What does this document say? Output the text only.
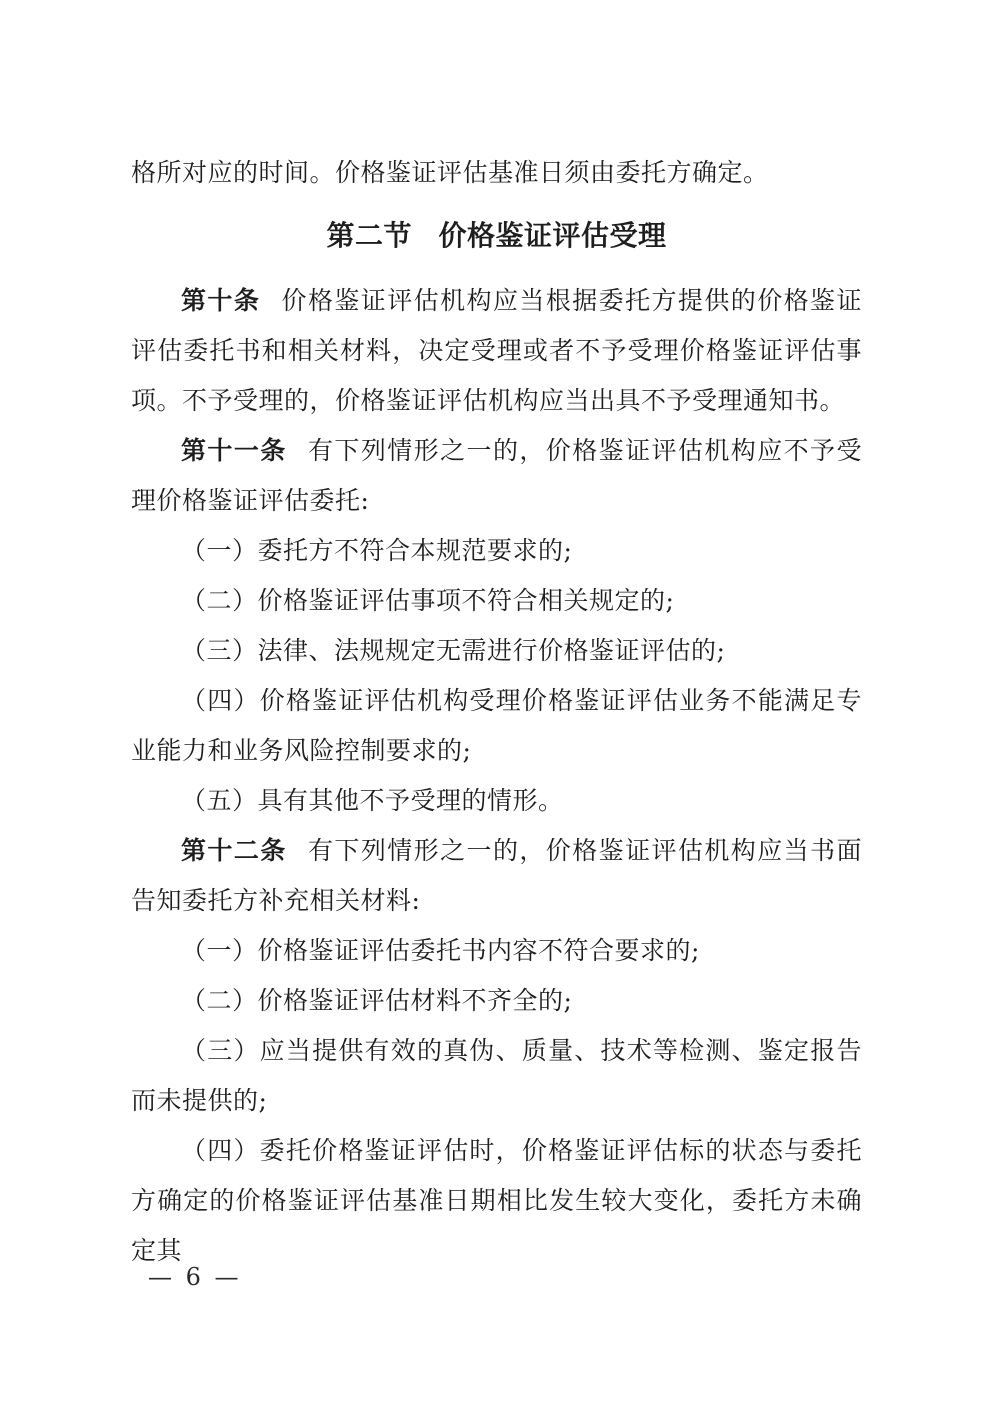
格所对应的时间。价格鉴证评估基准日须由委托方确定。

第二节 价格鉴证评估受理

第十条 价格鉴证评估机构应当根据委托方提供的价格鉴证评估委托书和相关材料，决定受理或者不予受理价格鉴证评估事项。不予受理的，价格鉴证评估机构应当出具不予受理通知书。

第十一条 有下列情形之一的，价格鉴证评估机构应不予受理价格鉴证评估委托:

（一）委托方不符合本规范要求的;

（二）价格鉴证评估事项不符合相关规定的;

（三）法律、法规规定无需进行价格鉴证评估的;

（四）价格鉴证评估机构受理价格鉴证评估业务不能满足专业能力和业务风险控制要求的;

（五）具有其他不予受理的情形。

第十二条 有下列情形之一的，价格鉴证评估机构应当书面告知委托方补充相关材料:

（一）价格鉴证评估委托书内容不符合要求的;

（二）价格鉴证评估材料不齐全的;

（三）应当提供有效的真伪、质量、技术等检测、鉴定报告而未提供的;

（四）委托价格鉴证评估时，价格鉴证评估标的状态与委托方确定的价格鉴证评估基准日期相比发生较大变化，委托方未确定其

— 6 —
